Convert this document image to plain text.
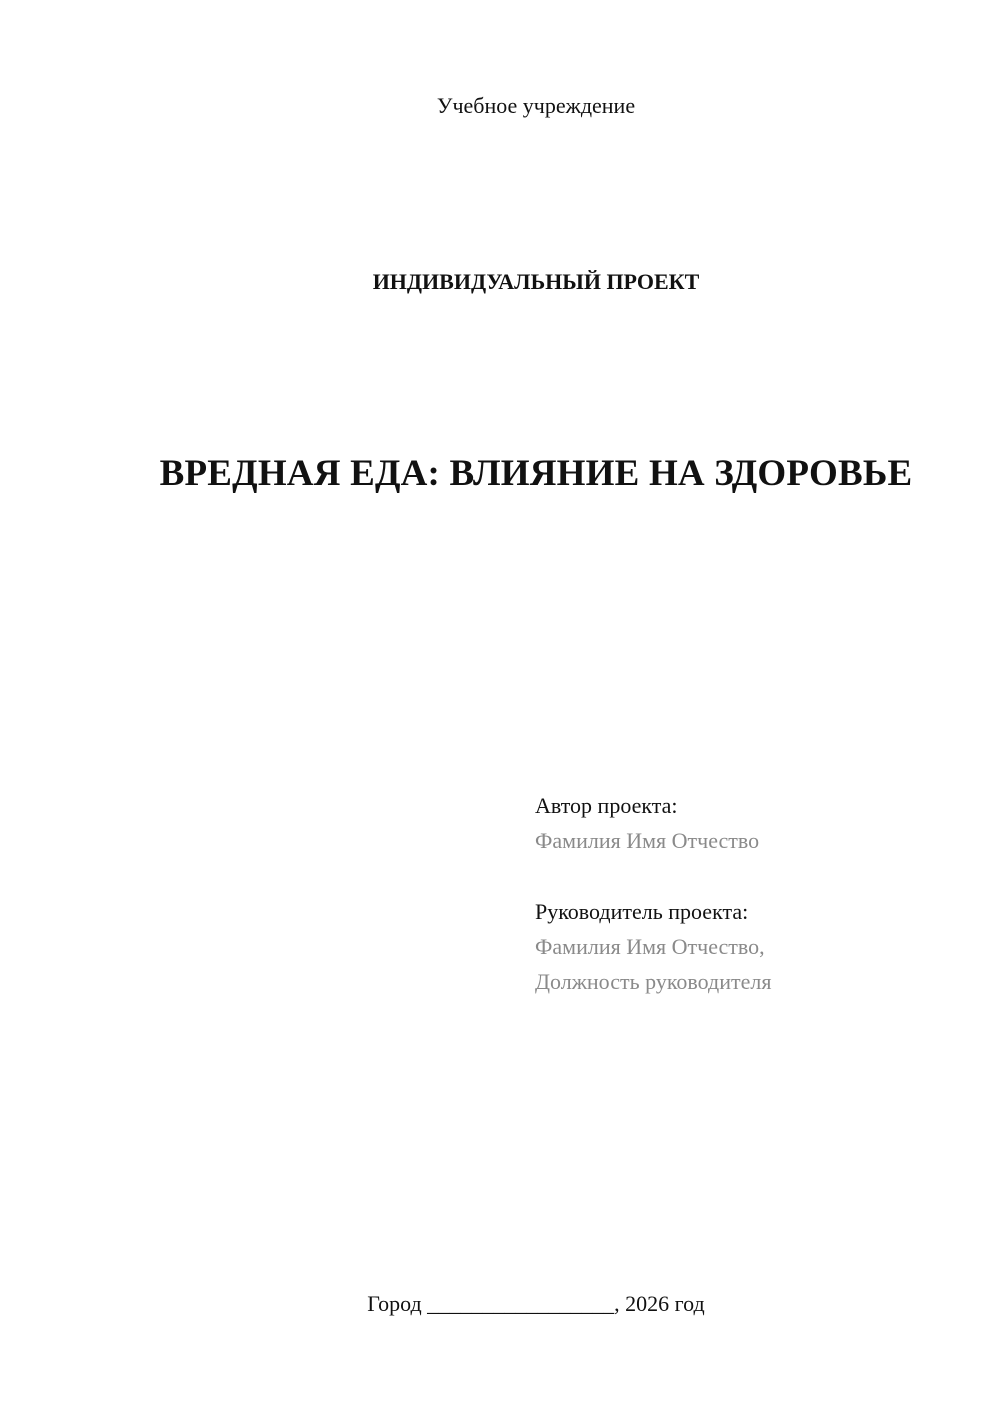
Учебное учреждение
ИНДИВИДУАЛЬНЫЙ ПРОЕКТ
ВРЕДНАЯ ЕДА: ВЛИЯНИЕ НА ЗДОРОВЬЕ
Автор проекта:
Фамилия Имя Отчество
Руководитель проекта:
Фамилия Имя Отчество,
Должность руководителя
Город _________________, 2026 год
